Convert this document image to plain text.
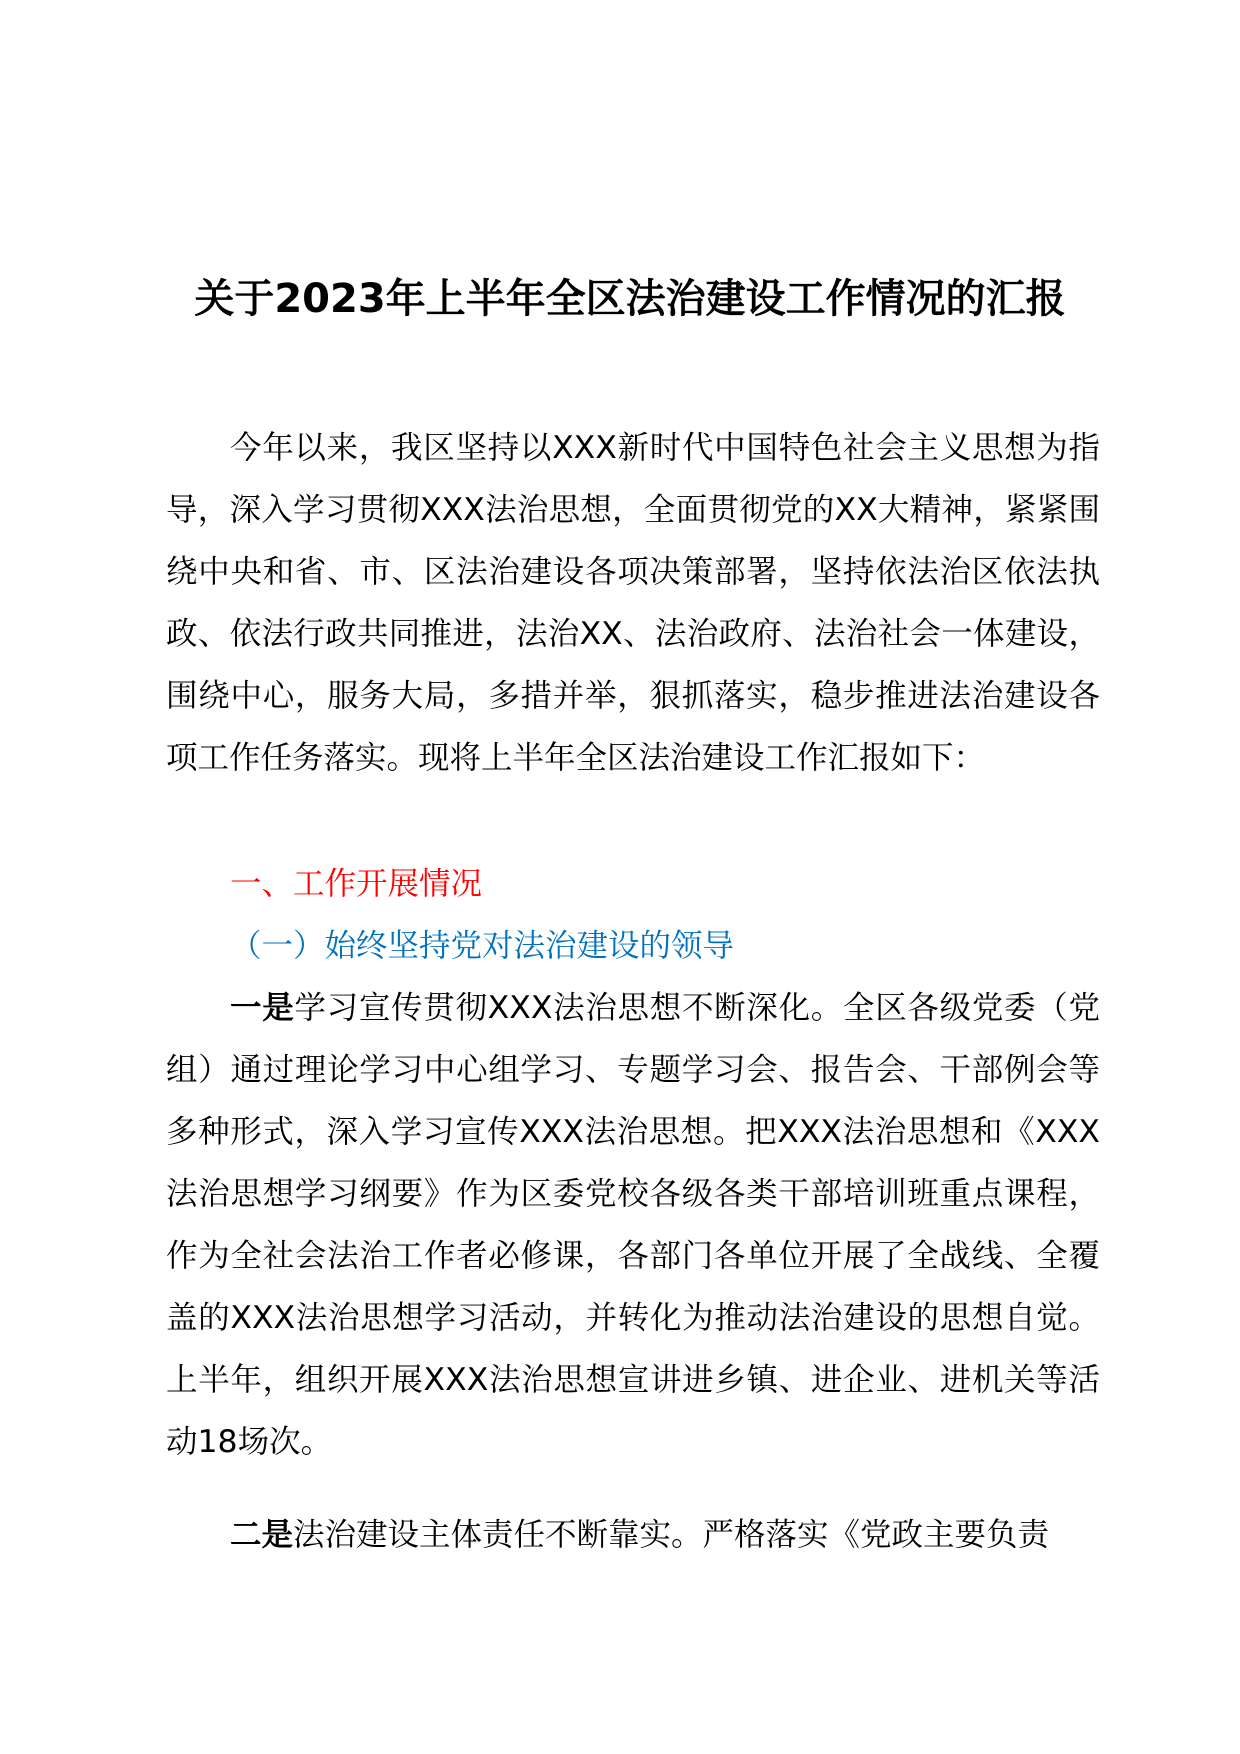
关于2023年上半年全区法治建设工作情况的汇报

今年以来，我区坚持以XXX新时代中国特色社会主义思想为指导，深入学习贯彻XXX法治思想，全面贯彻党的XX大精神，紧紧围绕中央和省、市、区法治建设各项决策部署，坚持依法治区依法执政、依法行政共同推进，法治XX、法治政府、法治社会一体建设，围绕中心，服务大局，多措并举，狠抓落实，稳步推进法治建设各项工作任务落实。现将上半年全区法治建设工作汇报如下：

一、工作开展情况

（一）始终坚持党对法治建设的领导

一是学习宣传贯彻XXX法治思想不断深化。全区各级党委（党组）通过理论学习中心组学习、专题学习会、报告会、干部例会等多种形式，深入学习宣传XXX法治思想。把XXX法治思想和《XXX法治思想学习纲要》作为区委党校各级各类干部培训班重点课程，作为全社会法治工作者必修课，各部门各单位开展了全战线、全覆盖的XXX法治思想学习活动，并转化为推动法治建设的思想自觉。上半年，组织开展XXX法治思想宣讲进乡镇、进企业、进机关等活动18场次。

二是法治建设主体责任不断靠实。严格落实《党政主要负责
